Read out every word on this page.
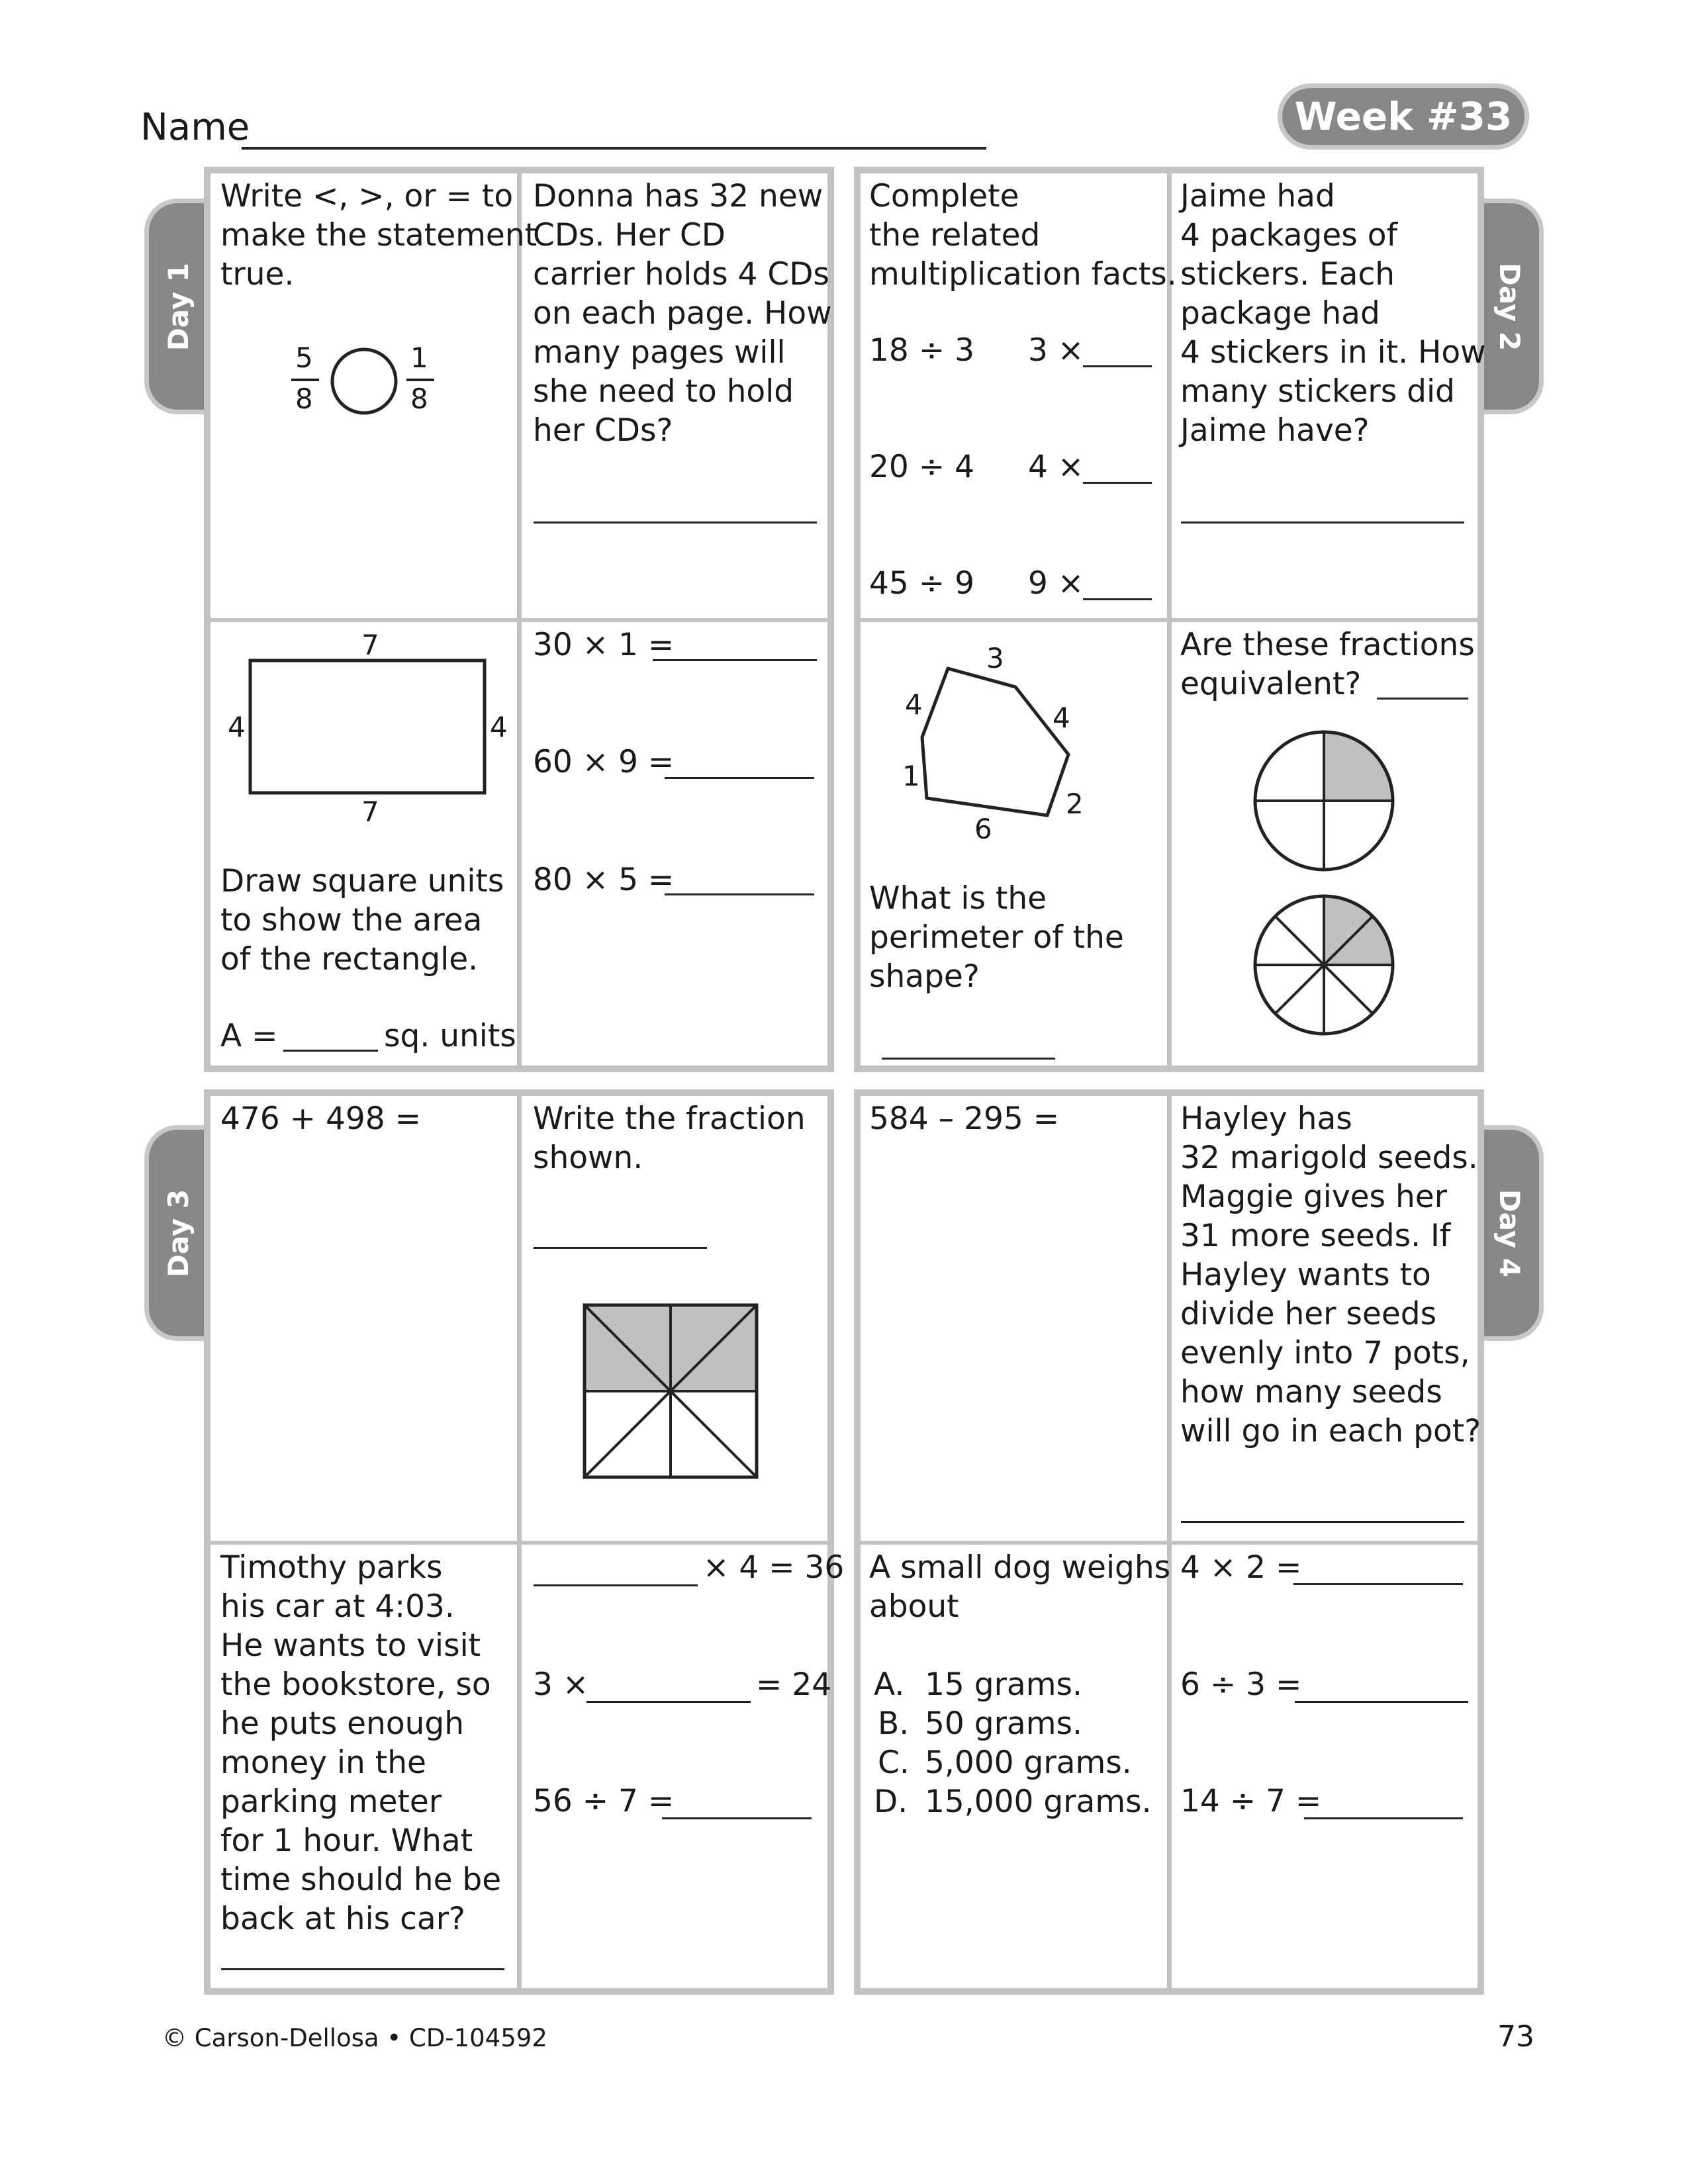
Name	Week #33
Day 1	Day 2
Day 3	Day 4
Write <, >, or = to
make the statement
true.
5
8
1
8
Donna has 32 new
CDs. Her CD
carrier holds 4 CDs
on each page. How
many pages will
she need to hold
her CDs?
7
7
4	4
Draw square units
to show the area
of the rectangle.
A =	sq. units
30 × 1 =
60 × 9 =
80 × 5 =
Complete
the related
multiplication facts.
18 ÷ 3 3 ×
20 ÷ 4 4 ×
45 ÷ 9 9 ×
Jaime had
4 packages of
stickers. Each
package had
4 stickers in it. How
many stickers did
Jaime have?
3
4	4
1
6
2
What is the
perimeter of the
shape?
Are these fractions
equivalent?
476 + 498 =	Write the fraction
shown.
Timothy parks
his car at 4:03.
He wants to visit
the bookstore, so
he puts enough
money in the
parking meter
for 1 hour. What
time should he be
back at his car?
× 4 = 36
3 ×	= 24
56 ÷ 7 =
584 – 295 =	Hayley has
32 marigold seeds.
Maggie gives her
31 more seeds. If
Hayley wants to
divide her seeds
evenly into 7 pots,
how many seeds
will go in each pot?
A small dog weighs
about
A. 15 grams.
B. 50 grams.
C. 5,000 grams.
D. 15,000 grams.
4 × 2 =
6 ÷ 3 =
14 ÷ 7 =
© Carson-Dellosa • CD-104592	73
